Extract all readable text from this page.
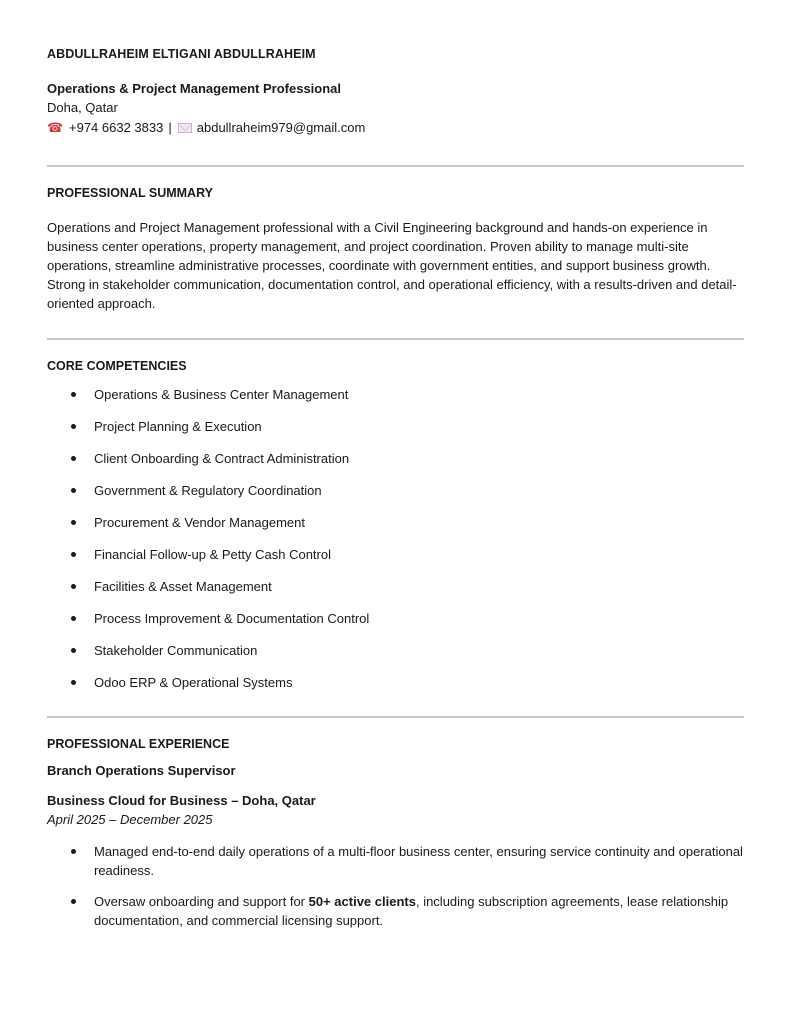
ABDULLRAHEIM ELTIGANI ABDULLRAHEIM
Operations & Project Management Professional
Doha, Qatar
☎ +974 6632 3833 | abdullraheim979@gmail.com
PROFESSIONAL SUMMARY

Operations and Project Management professional with a Civil Engineering background and hands-on experience in business center operations, property management, and project coordination. Proven ability to manage multi-site operations, streamline administrative processes, coordinate with government entities, and support business growth. Strong in stakeholder communication, documentation control, and operational efficiency, with a results-driven and detail-oriented approach.

CORE COMPETENCIES
Operations & Business Center Management
Project Planning & Execution
Client Onboarding & Contract Administration
Government & Regulatory Coordination
Procurement & Vendor Management
Financial Follow-up & Petty Cash Control
Facilities & Asset Management
Process Improvement & Documentation Control
Stakeholder Communication
Odoo ERP & Operational Systems
PROFESSIONAL EXPERIENCE
Branch Operations Supervisor
Business Cloud for Business – Doha, Qatar
April 2025 – December 2025
Managed end-to-end daily operations of a multi-floor business center, ensuring service continuity and operational readiness.
Oversaw onboarding and support for 50+ active clients, including subscription agreements, lease relationship documentation, and commercial licensing support.
